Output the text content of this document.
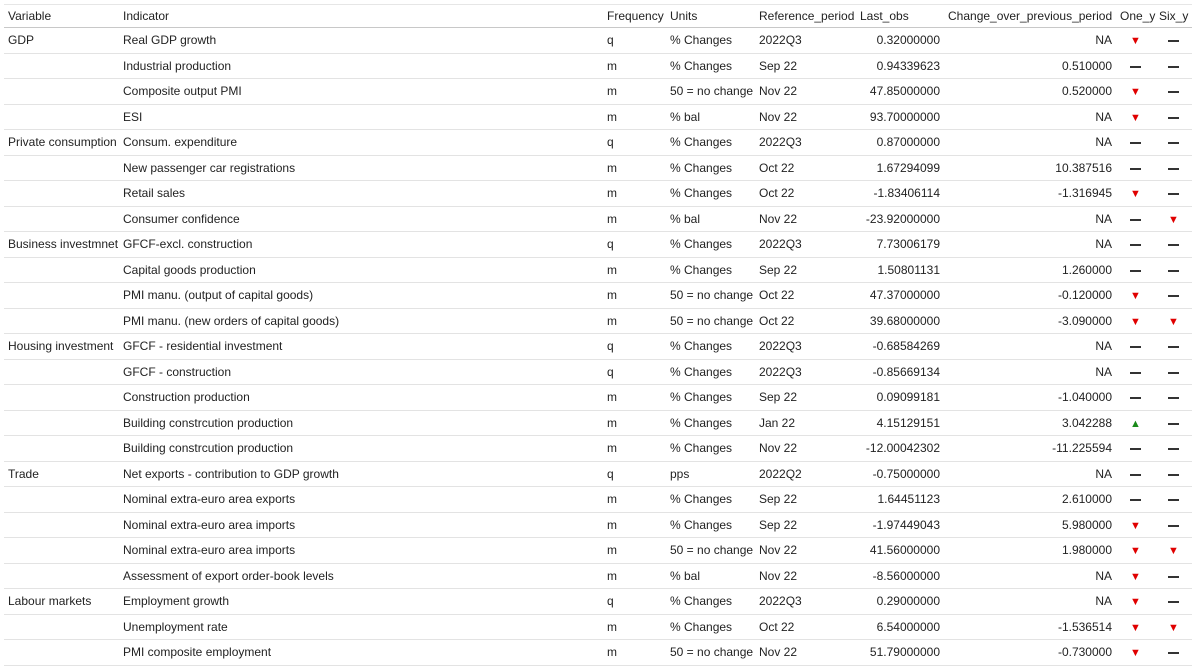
Variable	Indicator	Frequency	Units	Reference_period	Last_obs	Change_over_previous_period	One_y	Six_y
GDP	Real GDP growth	q	% Changes	2022Q3	0.32000000	NA	▼	
	Industrial production	m	% Changes	Sep 22	0.94339623	0.510000		
	Composite output PMI	m	50 = no change	Nov 22	47.85000000	0.520000	▼	
	ESI	m	% bal	Nov 22	93.70000000	NA	▼	
Private consumption	Consum. expenditure	q	% Changes	2022Q3	0.87000000	NA		
	New passenger car registrations	m	% Changes	Oct 22	1.67294099	10.387516		
	Retail sales	m	% Changes	Oct 22	-1.83406114	-1.316945	▼	
	Consumer confidence	m	% bal	Nov 22	-23.92000000	NA		▼
Business investmnet	GFCF-excl. construction	q	% Changes	2022Q3	7.73006179	NA		
	Capital goods production	m	% Changes	Sep 22	1.50801131	1.260000		
	PMI manu. (output of capital goods)	m	50 = no change	Oct 22	47.37000000	-0.120000	▼	
	PMI manu. (new orders of capital goods)	m	50 = no change	Oct 22	39.68000000	-3.090000	▼	▼
Housing investment	GFCF - residential investment	q	% Changes	2022Q3	-0.68584269	NA		
	GFCF - construction	q	% Changes	2022Q3	-0.85669134	NA		
	Construction production	m	% Changes	Sep 22	0.09099181	-1.040000		
	Building constrcution production	m	% Changes	Jan 22	4.15129151	3.042288	▲	
	Building constrcution production	m	% Changes	Nov 22	-12.00042302	-11.225594		
Trade	Net exports - contribution to GDP growth	q	pps	2022Q2	-0.75000000	NA		
	Nominal extra-euro area exports	m	% Changes	Sep 22	1.64451123	2.610000		
	Nominal extra-euro area imports	m	% Changes	Sep 22	-1.97449043	5.980000	▼	
	Nominal extra-euro area imports	m	50 = no change	Nov 22	41.56000000	1.980000	▼	▼
	Assessment of export order-book levels	m	% bal	Nov 22	-8.56000000	NA	▼	
Labour markets	Employment growth	q	% Changes	2022Q3	0.29000000	NA	▼	
	Unemployment rate	m	% Changes	Oct 22	6.54000000	-1.536514	▼	▼
	PMI composite employment	m	50 = no change	Nov 22	51.79000000	-0.730000	▼	
